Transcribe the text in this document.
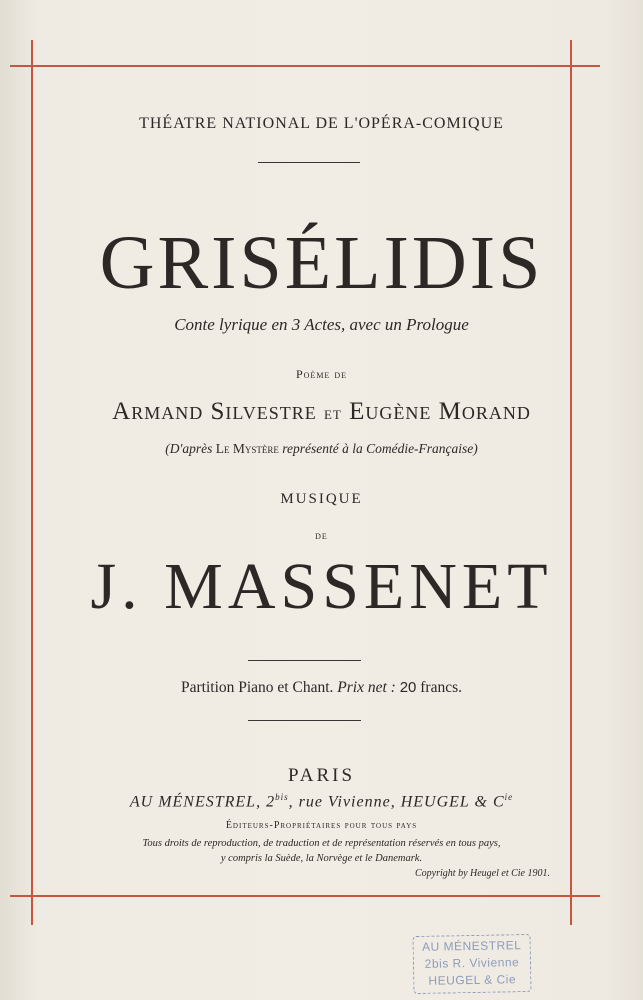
THÉATRE NATIONAL DE L'OPÉRA-COMIQUE
GRISÉLIDIS
Conte lyrique en 3 Actes, avec un Prologue
Poème de
Armand Silvestre et Eugène Morand
(D'après Le Mystère représenté à la Comédie-Française)
MUSIQUE
DE
J. MASSENET
Partition Piano et Chant. Prix net : 20 francs.
PARIS
AU MÉNESTREL, $2^{bis}$, rue Vivienne, HEUGEL & $C^{ie}$
Éditeurs-Propriétaires pour tous pays
Tous droits de reproduction, de traduction et de représentation réservés en tous pays,
y compris la Suède, la Norvège et le Danemark.
Copyright by Heugel et Cie 1901.
AU MÉNESTREL
2bis R. Vivienne
HEUGEL & Cie
